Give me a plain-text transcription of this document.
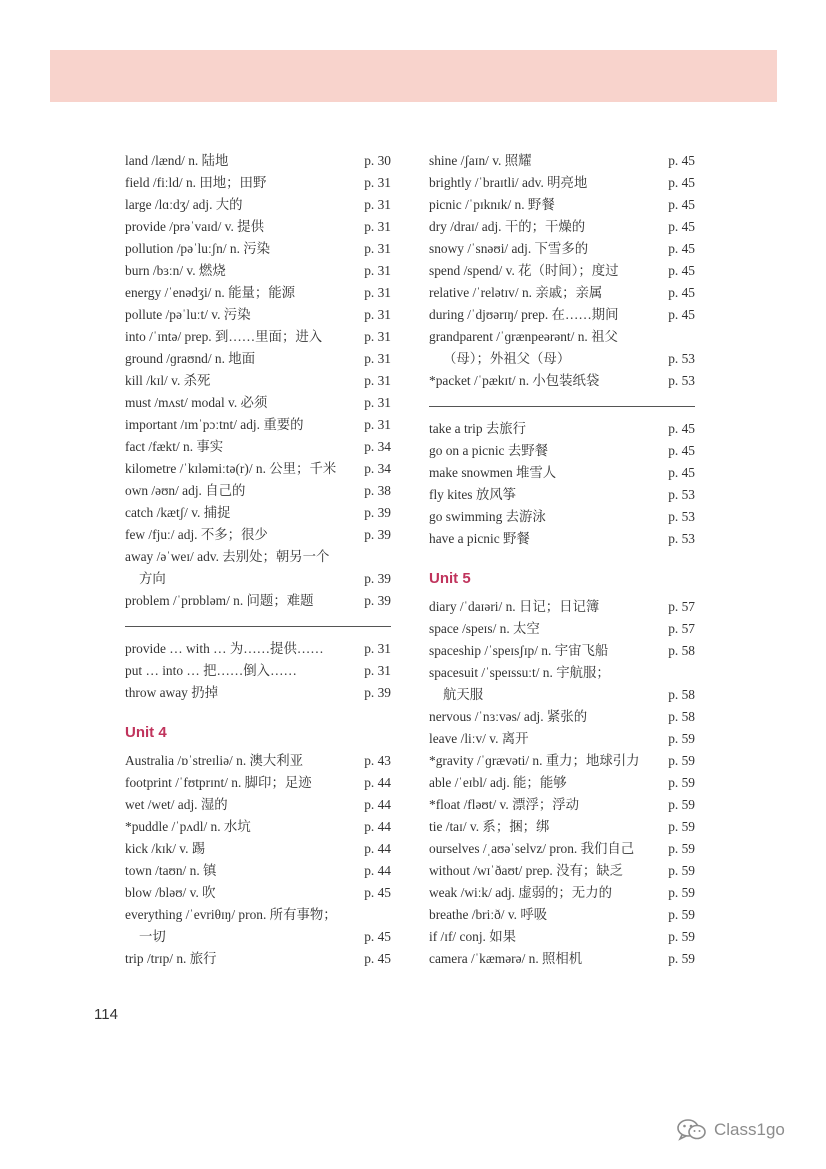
land /lænd/ n. 陆地	p. 30
field /fiːld/ n. 田地；田野	p. 31
large /lɑːdʒ/ adj. 大的	p. 31
provide /prəˈvaɪd/ v. 提供	p. 31
pollution /pəˈluːʃn/ n. 污染	p. 31
burn /bɜːn/ v. 燃烧	p. 31
energy /ˈenədʒi/ n. 能量；能源	p. 31
pollute /pəˈluːt/ v. 污染	p. 31
into /ˈɪntə/ prep. 到……里面；进入	p. 31
ground /ɡraʊnd/ n. 地面	p. 31
kill /kɪl/ v. 杀死	p. 31
must /mʌst/ modal v. 必须	p. 31
important /ɪmˈpɔːtnt/ adj. 重要的	p. 31
fact /fækt/ n. 事实	p. 34
kilometre /ˈkɪləmiːtə(r)/ n. 公里；千米	p. 34
own /əʊn/ adj. 自己的	p. 38
catch /kætʃ/ v. 捕捉	p. 39
few /fjuː/ adj. 不多；很少	p. 39
away /əˈweɪ/ adv. 去别处；朝另一个
方向	p. 39
problem /ˈprɒbləm/ n. 问题；难题	p. 39
provide … with … 为……提供……	p. 31
put … into … 把……倒入……	p. 31
throw away 扔掉	p. 39
Unit 4
Australia /ɒˈstreɪliə/ n. 澳大利亚	p. 43
footprint /ˈfʊtprɪnt/ n. 脚印；足迹	p. 44
wet /wet/ adj. 湿的	p. 44
*puddle /ˈpʌdl/ n. 水坑	p. 44
kick /kɪk/ v. 踢	p. 44
town /taʊn/ n. 镇	p. 44
blow /bləʊ/ v. 吹	p. 45
everything /ˈevriθɪŋ/ pron. 所有事物；
一切	p. 45
trip /trɪp/ n. 旅行	p. 45
shine /ʃaɪn/ v. 照耀	p. 45
brightly /ˈbraɪtli/ adv. 明亮地	p. 45
picnic /ˈpɪknɪk/ n. 野餐	p. 45
dry /draɪ/ adj. 干的；干燥的	p. 45
snowy /ˈsnəʊi/ adj. 下雪多的	p. 45
spend /spend/ v. 花（时间）；度过	p. 45
relative /ˈrelətɪv/ n. 亲戚；亲属	p. 45
during /ˈdjʊərɪŋ/ prep. 在……期间	p. 45
grandparent /ˈɡrænpeərənt/ n. 祖父
（母）；外祖父（母）	p. 53
*packet /ˈpækɪt/ n. 小包装纸袋	p. 53
take a trip 去旅行	p. 45
go on a picnic 去野餐	p. 45
make snowmen 堆雪人	p. 45
fly kites 放风筝	p. 53
go swimming 去游泳	p. 53
have a picnic 野餐	p. 53
Unit 5
diary /ˈdaɪəri/ n. 日记；日记簿	p. 57
space /speɪs/ n. 太空	p. 57
spaceship /ˈspeɪsʃɪp/ n. 宇宙飞船	p. 58
spacesuit /ˈspeɪssuːt/ n. 宇航服；
航天服	p. 58
nervous /ˈnɜːvəs/ adj. 紧张的	p. 58
leave /liːv/ v. 离开	p. 59
*gravity /ˈɡrævəti/ n. 重力；地球引力	p. 59
able /ˈeɪbl/ adj. 能；能够	p. 59
*float /fləʊt/ v. 漂浮；浮动	p. 59
tie /taɪ/ v. 系；捆；绑	p. 59
ourselves /ˌaʊəˈselvz/ pron. 我们自己	p. 59
without /wɪˈðaʊt/ prep. 没有；缺乏	p. 59
weak /wiːk/ adj. 虚弱的；无力的	p. 59
breathe /briːð/ v. 呼吸	p. 59
if /ɪf/ conj. 如果	p. 59
camera /ˈkæmərə/ n. 照相机	p. 59
114
Class1go
